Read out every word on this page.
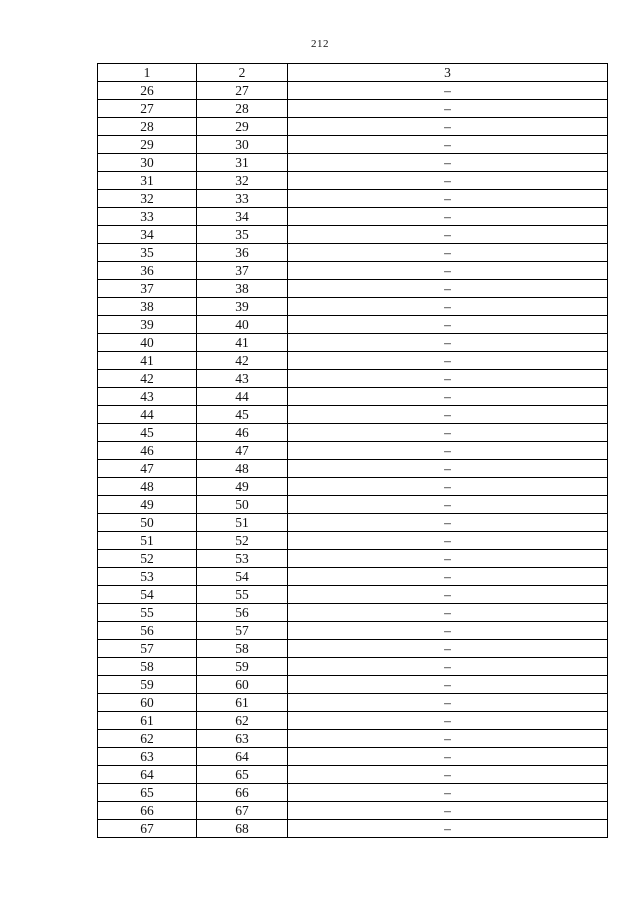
212
1	2	3
26	27	–
27	28	–
28	29	–
29	30	–
30	31	–
31	32	–
32	33	–
33	34	–
34	35	–
35	36	–
36	37	–
37	38	–
38	39	–
39	40	–
40	41	–
41	42	–
42	43	–
43	44	–
44	45	–
45	46	–
46	47	–
47	48	–
48	49	–
49	50	–
50	51	–
51	52	–
52	53	–
53	54	–
54	55	–
55	56	–
56	57	–
57	58	–
58	59	–
59	60	–
60	61	–
61	62	–
62	63	–
63	64	–
64	65	–
65	66	–
66	67	–
67	68	–
